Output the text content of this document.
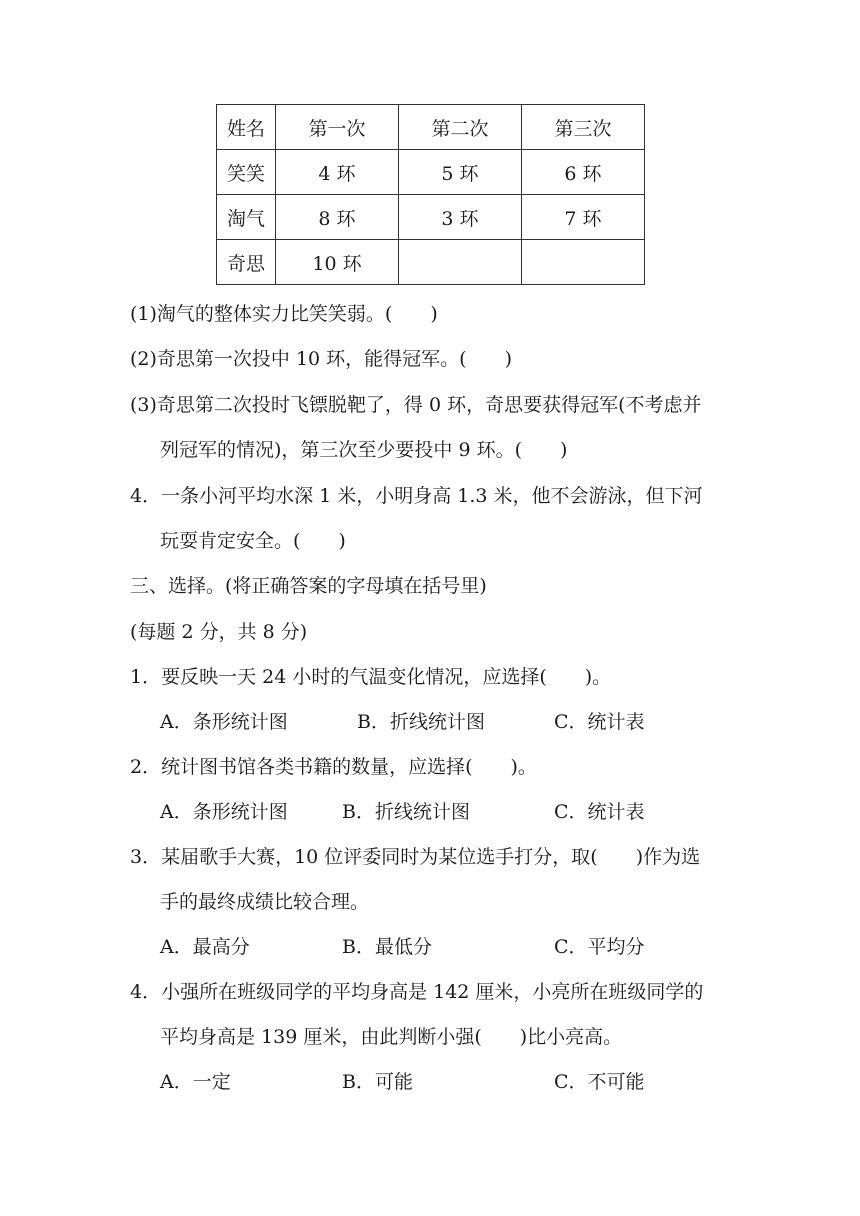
姓名	第一次	第二次	第三次
笑笑	4 环	5 环	6 环
淘气	8 环	3 环	7 环
奇思	10 环		
(1)淘气的整体实力比笑笑弱。(　　)
(2)奇思第一次投中 10 环，能得冠军。(　　)
(3)奇思第二次投时飞镖脱靶了，得 0 环，奇思要获得冠军(不考虑并
列冠军的情况)，第三次至少要投中 9 环。(　　)
4．一条小河平均水深 1 米，小明身高 1.3 米，他不会游泳，但下河
玩耍肯定安全。(　　)
三、选择。(将正确答案的字母填在括号里)
(每题 2 分，共 8 分)
1．要反映一天 24 小时的气温变化情况，应选择(　　)。
A．条形统计图	B．折线统计图	C．统计表
2．统计图书馆各类书籍的数量，应选择(　　)。
A．条形统计图	B．折线统计图	C．统计表
3．某届歌手大赛，10 位评委同时为某位选手打分，取(　　)作为选
手的最终成绩比较合理。
A．最高分	B．最低分	C．平均分
4．小强所在班级同学的平均身高是 142 厘米，小亮所在班级同学的
平均身高是 139 厘米，由此判断小强(　　)比小亮高。
A．一定	B．可能	C．不可能
